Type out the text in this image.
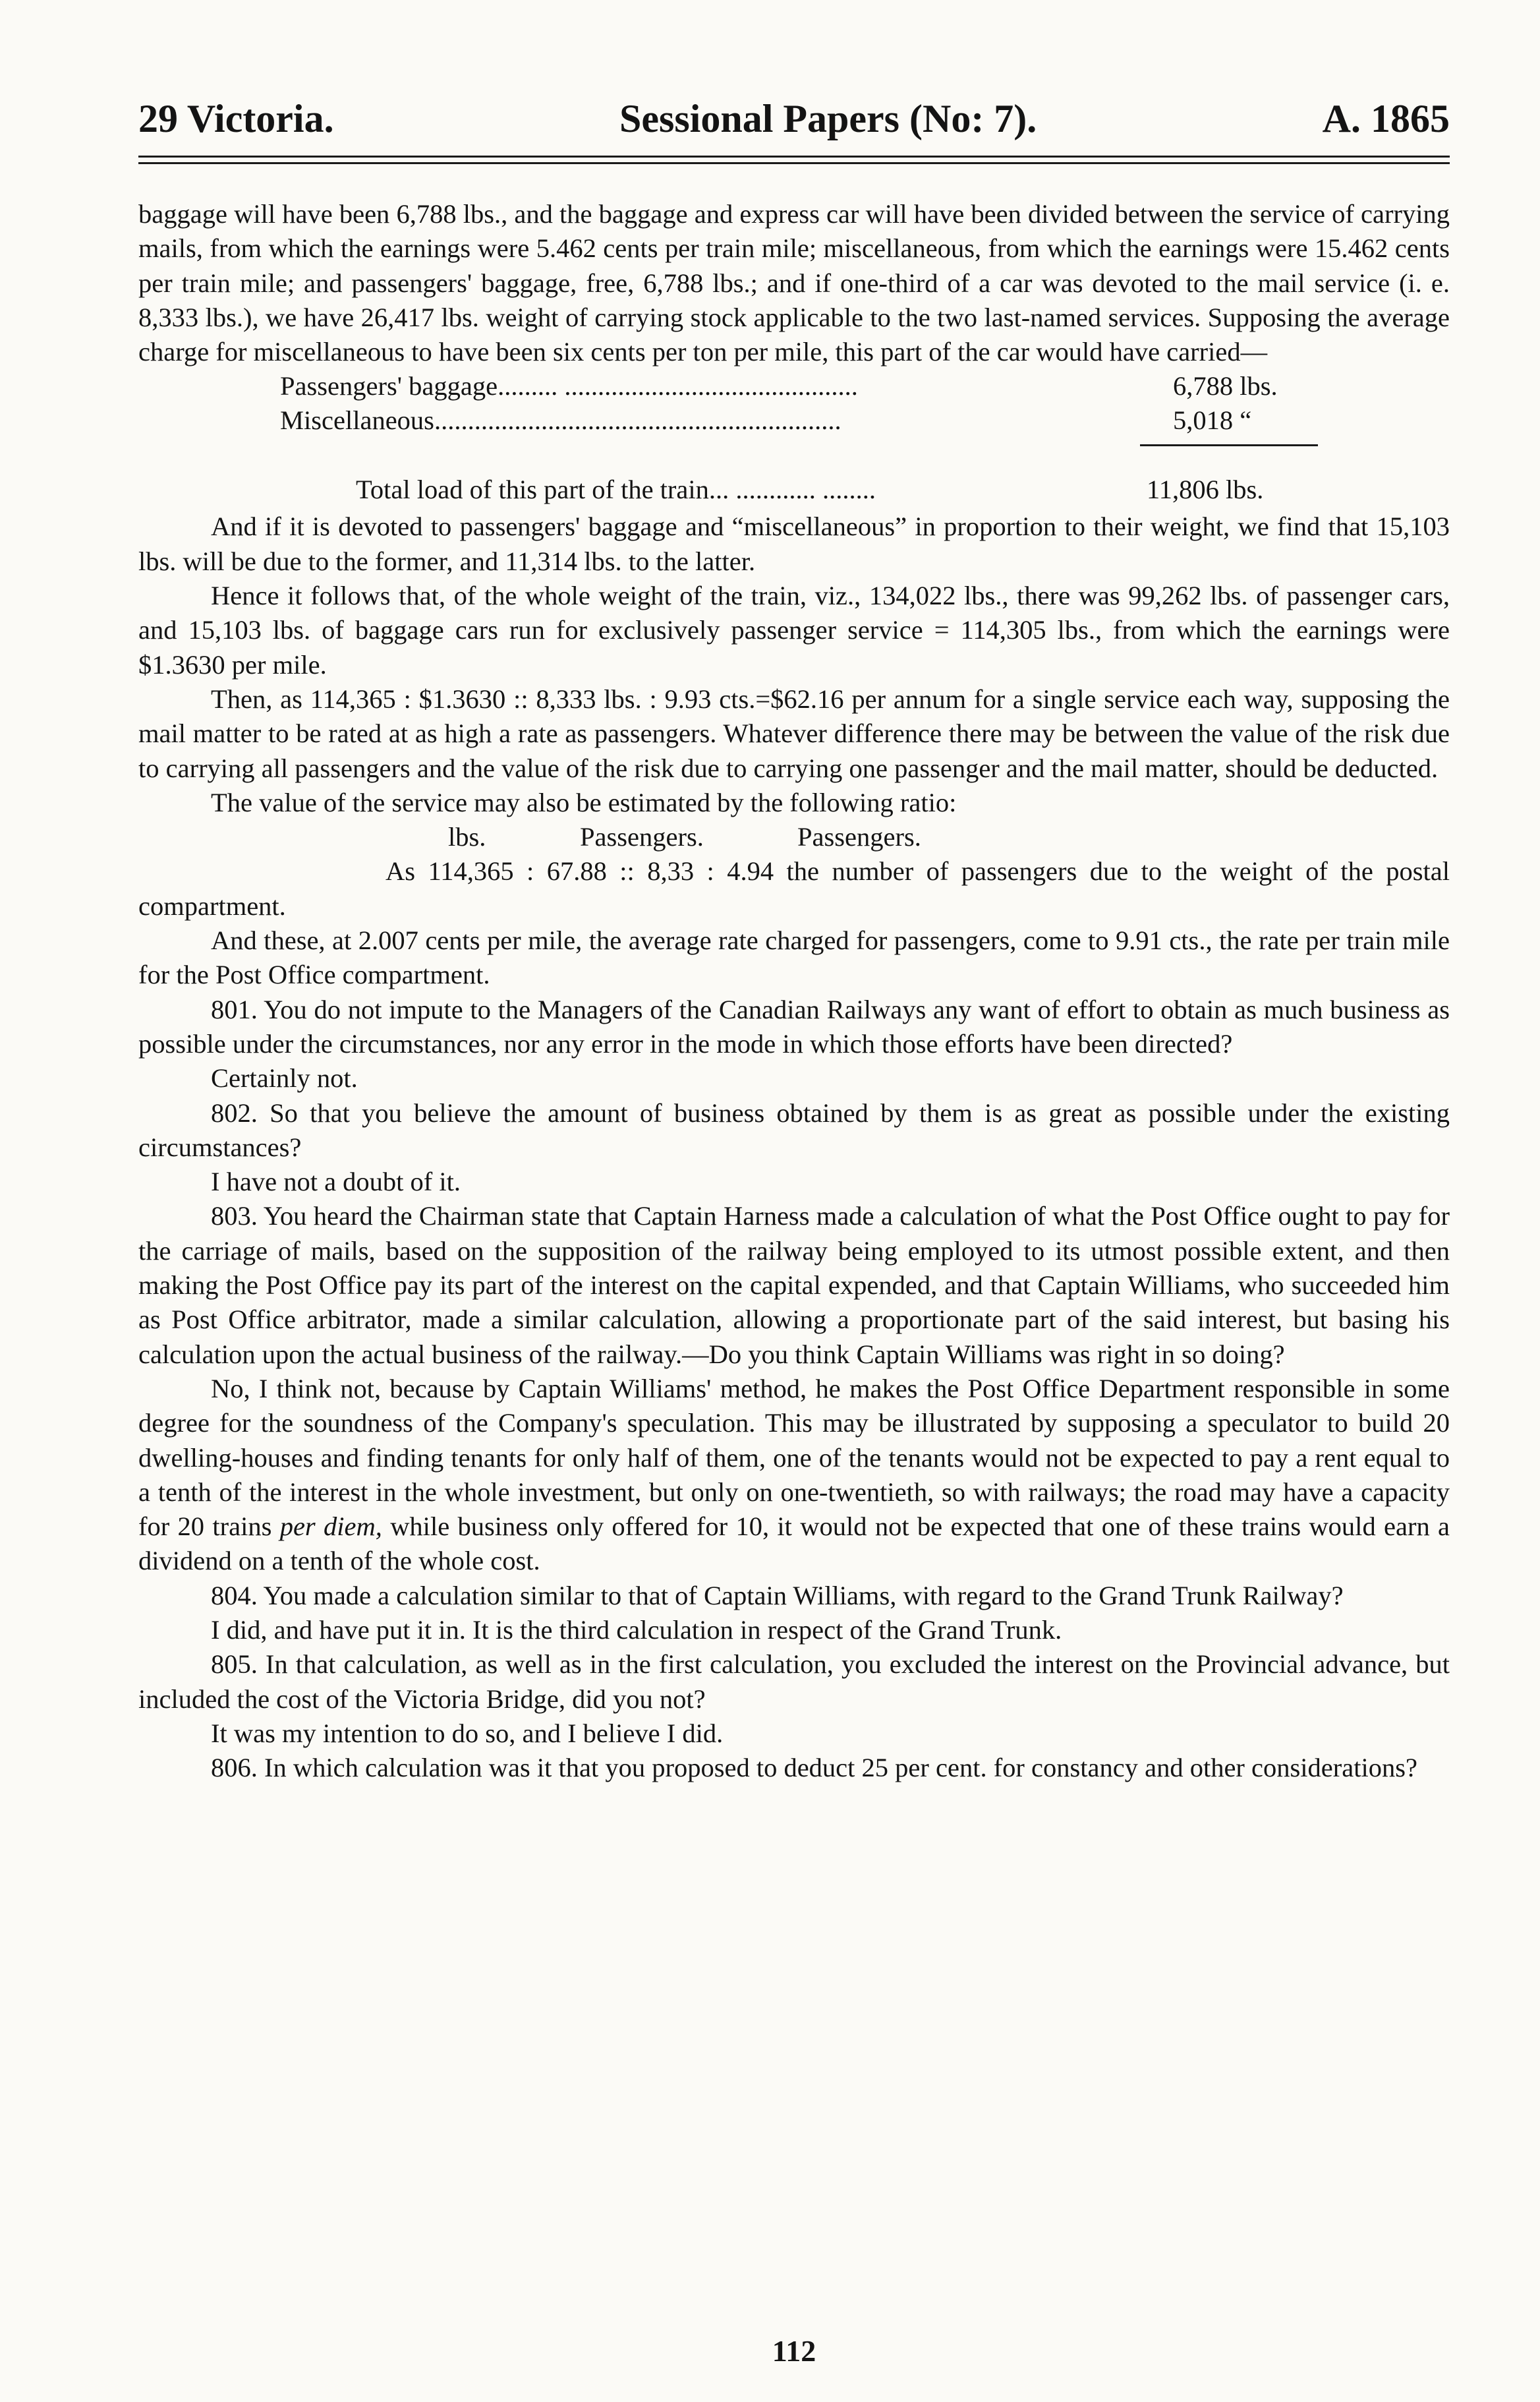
29 Victoria.	Sessional Papers (No: 7).	A. 1865

baggage will have been 6,788 lbs., and the baggage and express car will have been divided between the service of carrying mails, from which the earnings were 5.462 cents per train mile; miscellaneous, from which the earnings were 15.462 cents per train mile; and passengers' baggage, free, 6,788 lbs.; and if one-third of a car was devoted to the mail service (i. e. 8,333 lbs.), we have 26,417 lbs. weight of carrying stock applicable to the two last-named services. Supposing the average charge for miscellaneous to have been six cents per ton per mile, this part of the car would have carried—

Passengers' baggage......... ............................................	6,788 lbs.
Miscellaneous.............................................................	5,018 “
Total load of this part of the train... ............ ........	11,806 lbs.

And if it is devoted to passengers' baggage and “miscellaneous” in proportion to their weight, we find that 15,103 lbs. will be due to the former, and 11,314 lbs. to the latter.

Hence it follows that, of the whole weight of the train, viz., 134,022 lbs., there was 99,262 lbs. of passenger cars, and 15,103 lbs. of baggage cars run for exclusively passenger service = 114,305 lbs., from which the earnings were $1.3630 per mile.

Then, as 114,365 : $1.3630 :: 8,333 lbs. : 9.93 cts.=$62.16 per annum for a single service each way, supposing the mail matter to be rated at as high a rate as passengers. Whatever difference there may be between the value of the risk due to carrying all passengers and the value of the risk due to carrying one passenger and the mail matter, should be deducted.

The value of the service may also be estimated by the following ratio:

lbs.	Passengers.	Passengers.

As 114,365 : 67.88 :: 8,33 : 4.94 the number of passengers due to the weight of the postal compartment.

And these, at 2.007 cents per mile, the average rate charged for passengers, come to 9.91 cts., the rate per train mile for the Post Office compartment.

801. You do not impute to the Managers of the Canadian Railways any want of effort to obtain as much business as possible under the circumstances, nor any error in the mode in which those efforts have been directed?

Certainly not.

802. So that you believe the amount of business obtained by them is as great as possible under the existing circumstances?

I have not a doubt of it.

803. You heard the Chairman state that Captain Harness made a calculation of what the Post Office ought to pay for the carriage of mails, based on the supposition of the railway being employed to its utmost possible extent, and then making the Post Office pay its part of the interest on the capital expended, and that Captain Williams, who succeeded him as Post Office arbitrator, made a similar calculation, allowing a proportionate part of the said interest, but basing his calculation upon the actual business of the railway.—Do you think Captain Williams was right in so doing?

No, I think not, because by Captain Williams' method, he makes the Post Office Department responsible in some degree for the soundness of the Company's speculation. This may be illustrated by supposing a speculator to build 20 dwelling-houses and finding tenants for only half of them, one of the tenants would not be expected to pay a rent equal to a tenth of the interest in the whole investment, but only on one-twentieth, so with railways; the road may have a capacity for 20 trains per diem, while business only offered for 10, it would not be expected that one of these trains would earn a dividend on a tenth of the whole cost.

804. You made a calculation similar to that of Captain Williams, with regard to the Grand Trunk Railway?

I did, and have put it in. It is the third calculation in respect of the Grand Trunk.

805. In that calculation, as well as in the first calculation, you excluded the interest on the Provincial advance, but included the cost of the Victoria Bridge, did you not?

It was my intention to do so, and I believe I did.

806. In which calculation was it that you proposed to deduct 25 per cent. for constancy and other considerations?

112
